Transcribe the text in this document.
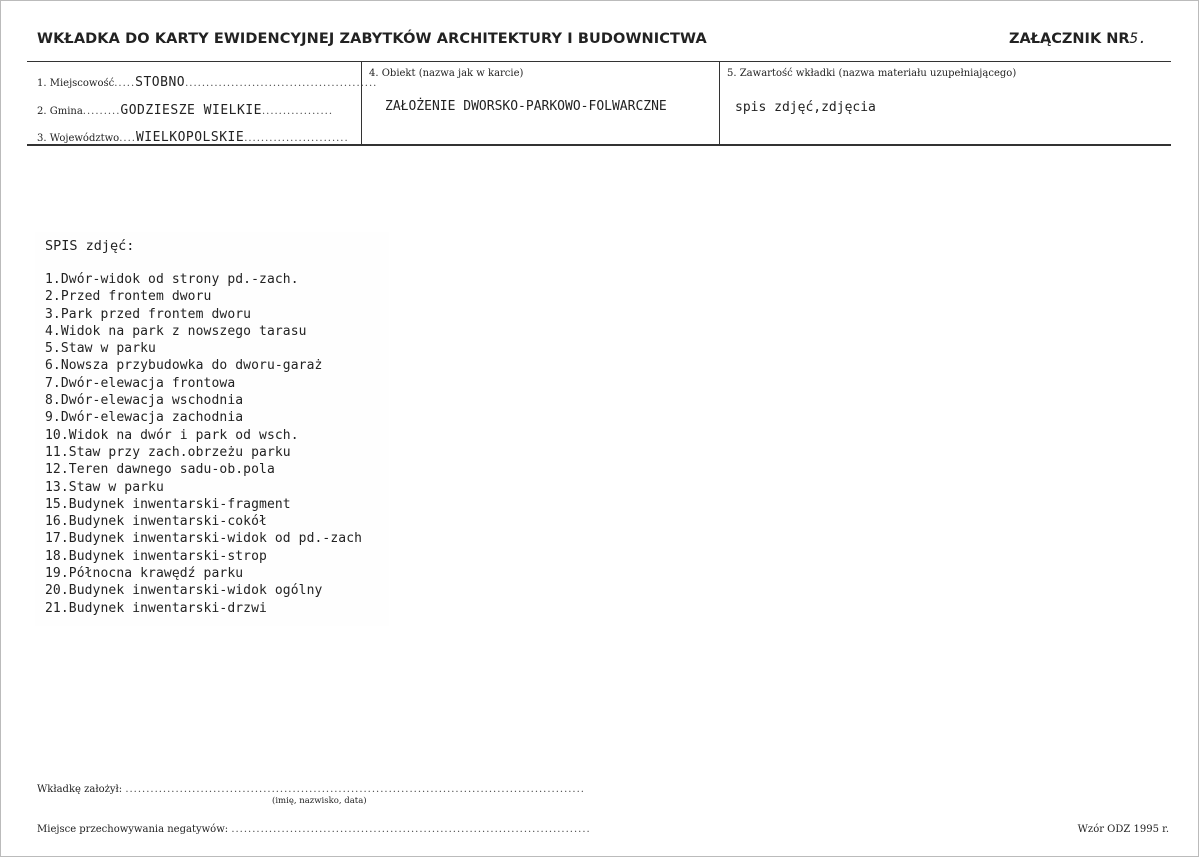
WKŁADKA DO KARTY EWIDENCYJNEJ ZABYTKÓW ARCHITEKTURY I BUDOWNICTWA	ZAŁĄCZNIK NR5.
1. Miejscowość.....STOBNO..............................................
2. Gmina.........GODZIESZE WIELKIE.................
3. Województwo....WIELKOPOLSKIE.........................
4. Obiekt (nazwa jak w karcie)
ZAŁOŻENIE DWORSKO-PARKOWO-FOLWARCZNE
5. Zawartość wkładki (nazwa materiału uzupełniającego)
spis zdjęć,zdjęcia
SPIS zdjęć:
1.Dwór-widok od strony pd.-zach.
2.Przed frontem dworu
3.Park przed frontem dworu
4.Widok na park z nowszego tarasu
5.Staw w parku
6.Nowsza przybudowka do dworu-garaż
7.Dwór-elewacja frontowa
8.Dwór-elewacja wschodnia
9.Dwór-elewacja zachodnia
10.Widok na dwór i park od wsch.
11.Staw przy zach.obrzeżu parku
12.Teren dawnego sadu-ob.pola
13.Staw w parku
15.Budynek inwentarski-fragment
16.Budynek inwentarski-cokół
17.Budynek inwentarski-widok od pd.-zach
18.Budynek inwentarski-strop
19.Północna krawędź parku
20.Budynek inwentarski-widok ogólny
21.Budynek inwentarski-drzwi
Wkładkę założył: ..............................................................................................................
(imię, nazwisko, data)
Miejsce przechowywania negatywów: ......................................................................................	Wzór ODZ 1995 r.
